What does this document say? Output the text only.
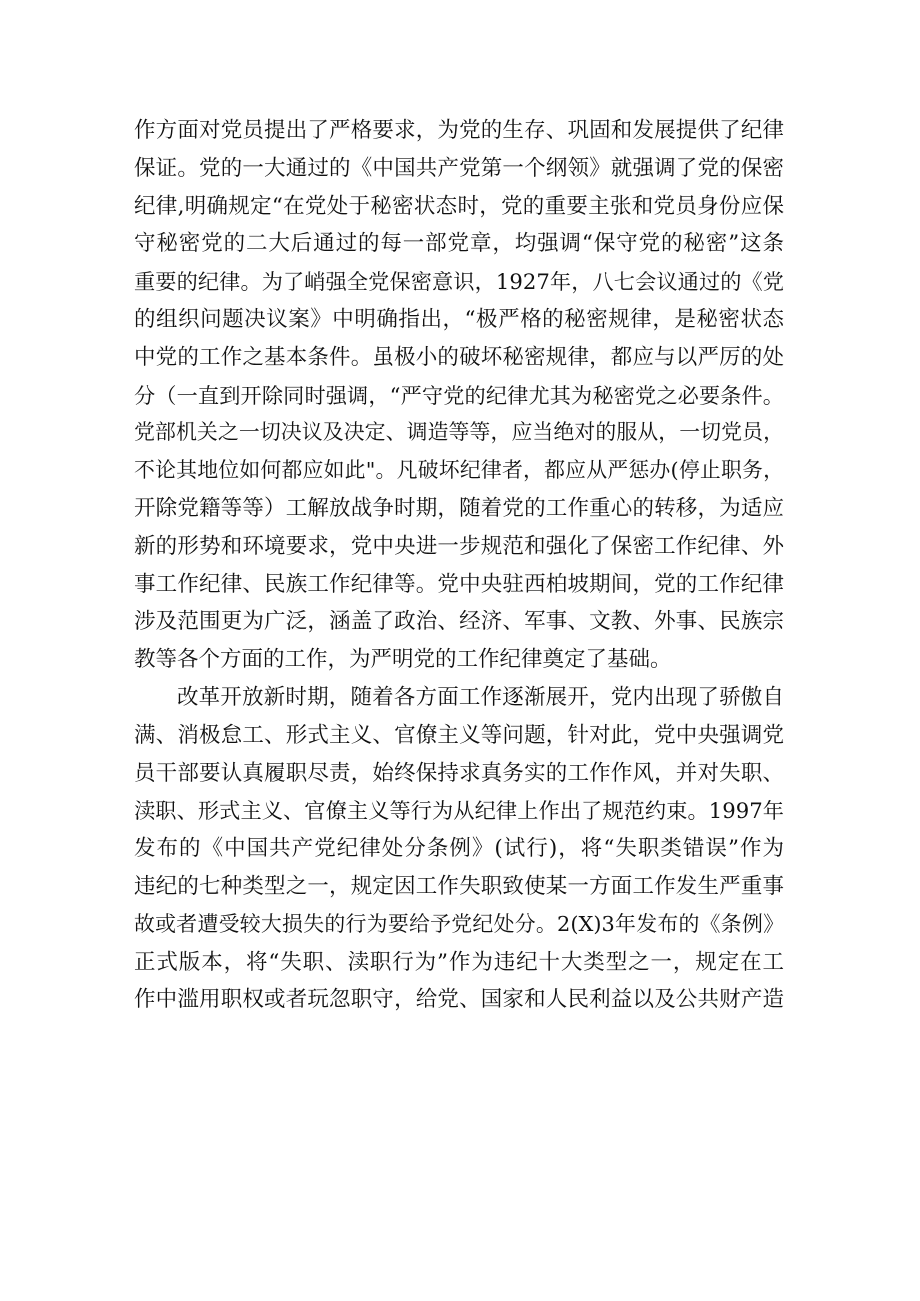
作方面对党员提出了严格要求，为党的生存、巩固和发展提供了纪律
保证。党的一大通过的《中国共产党第一个纲领》就强调了党的保密
纪律,明确规定“在党处于秘密状态时，党的重要主张和党员身份应保
守秘密党的二大后通过的每一部党章，均强调“保守党的秘密”这条
重要的纪律。为了峭强全党保密意识，1927年，八七会议通过的《党
的组织问题决议案》中明确指出，“极严格的秘密规律，是秘密状态
中党的工作之基本条件。虽极小的破坏秘密规律，都应与以严厉的处
分（一直到开除同时强调，“严守党的纪律尤其为秘密党之必要条件。
党部机关之一切决议及决定、调造等等，应当绝对的服从，一切党员，
不论其地位如何都应如此"。凡破坏纪律者，都应从严惩办(停止职务，
开除党籍等等）工解放战争时期，随着党的工作重心的转移，为适应
新的形势和环境要求，党中央进一步规范和强化了保密工作纪律、外
事工作纪律、民族工作纪律等。党中央驻西柏坡期间，党的工作纪律
涉及范围更为广泛，涵盖了政治、经济、军事、文教、外事、民族宗
教等各个方面的工作，为严明党的工作纪律奠定了基础。
改革开放新时期，随着各方面工作逐渐展开，党内出现了骄傲自
满、消极怠工、形式主义、官僚主义等问题，针对此，党中央强调党
员干部要认真履职尽责，始终保持求真务实的工作作风，并对失职、
渎职、形式主义、官僚主义等行为从纪律上作出了规范约束。1997年
发布的《中国共产党纪律处分条例》(试行)，将“失职类错误”作为
违纪的七种类型之一，规定因工作失职致使某一方面工作发生严重事
故或者遭受较大损失的行为要给予党纪处分。2(X)3年发布的《条例》
正式版本，将“失职、渎职行为”作为违纪十大类型之一，规定在工
作中滥用职权或者玩忽职守，给党、国家和人民利益以及公共财产造
